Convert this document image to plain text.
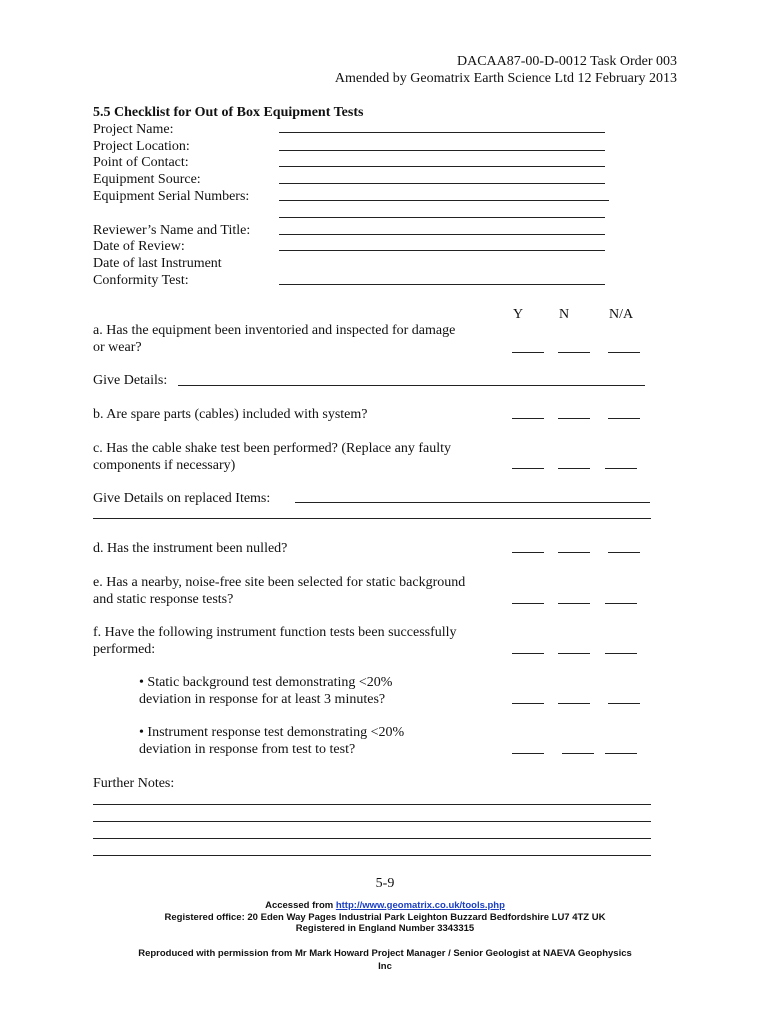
DACAA87-00-D-0012 Task Order 003
Amended by Geomatrix Earth Science Ltd 12 February 2013
5.5 Checklist for Out of Box Equipment Tests
Project Name:
Project Location:
Point of Contact:
Equipment Source:
Equipment Serial Numbers:
Reviewer’s Name and Title:
Date of Review:
Date of last Instrument
Conformity Test:
Y	N	N/A
a. Has the equipment been inventoried and inspected for damage
or wear?
Give Details:
b. Are spare parts (cables) included with system?
c. Has the cable shake test been performed? (Replace any faulty
components if necessary)
Give Details on replaced Items:
d. Has the instrument been nulled?
e. Has a nearby, noise-free site been selected for static background
and static response tests?
f. Have the following instrument function tests been successfully
performed:
• Static background test demonstrating <20%
deviation in response for at least 3 minutes?
• Instrument response test demonstrating <20%
deviation in response from test to test?
Further Notes:
5-9
Accessed from http://www.geomatrix.co.uk/tools.php
Registered office: 20 Eden Way Pages Industrial Park Leighton Buzzard Bedfordshire LU7 4TZ UK
Registered in England Number 3343315
Reproduced with permission from Mr Mark Howard Project Manager / Senior Geologist at NAEVA Geophysics
Inc
